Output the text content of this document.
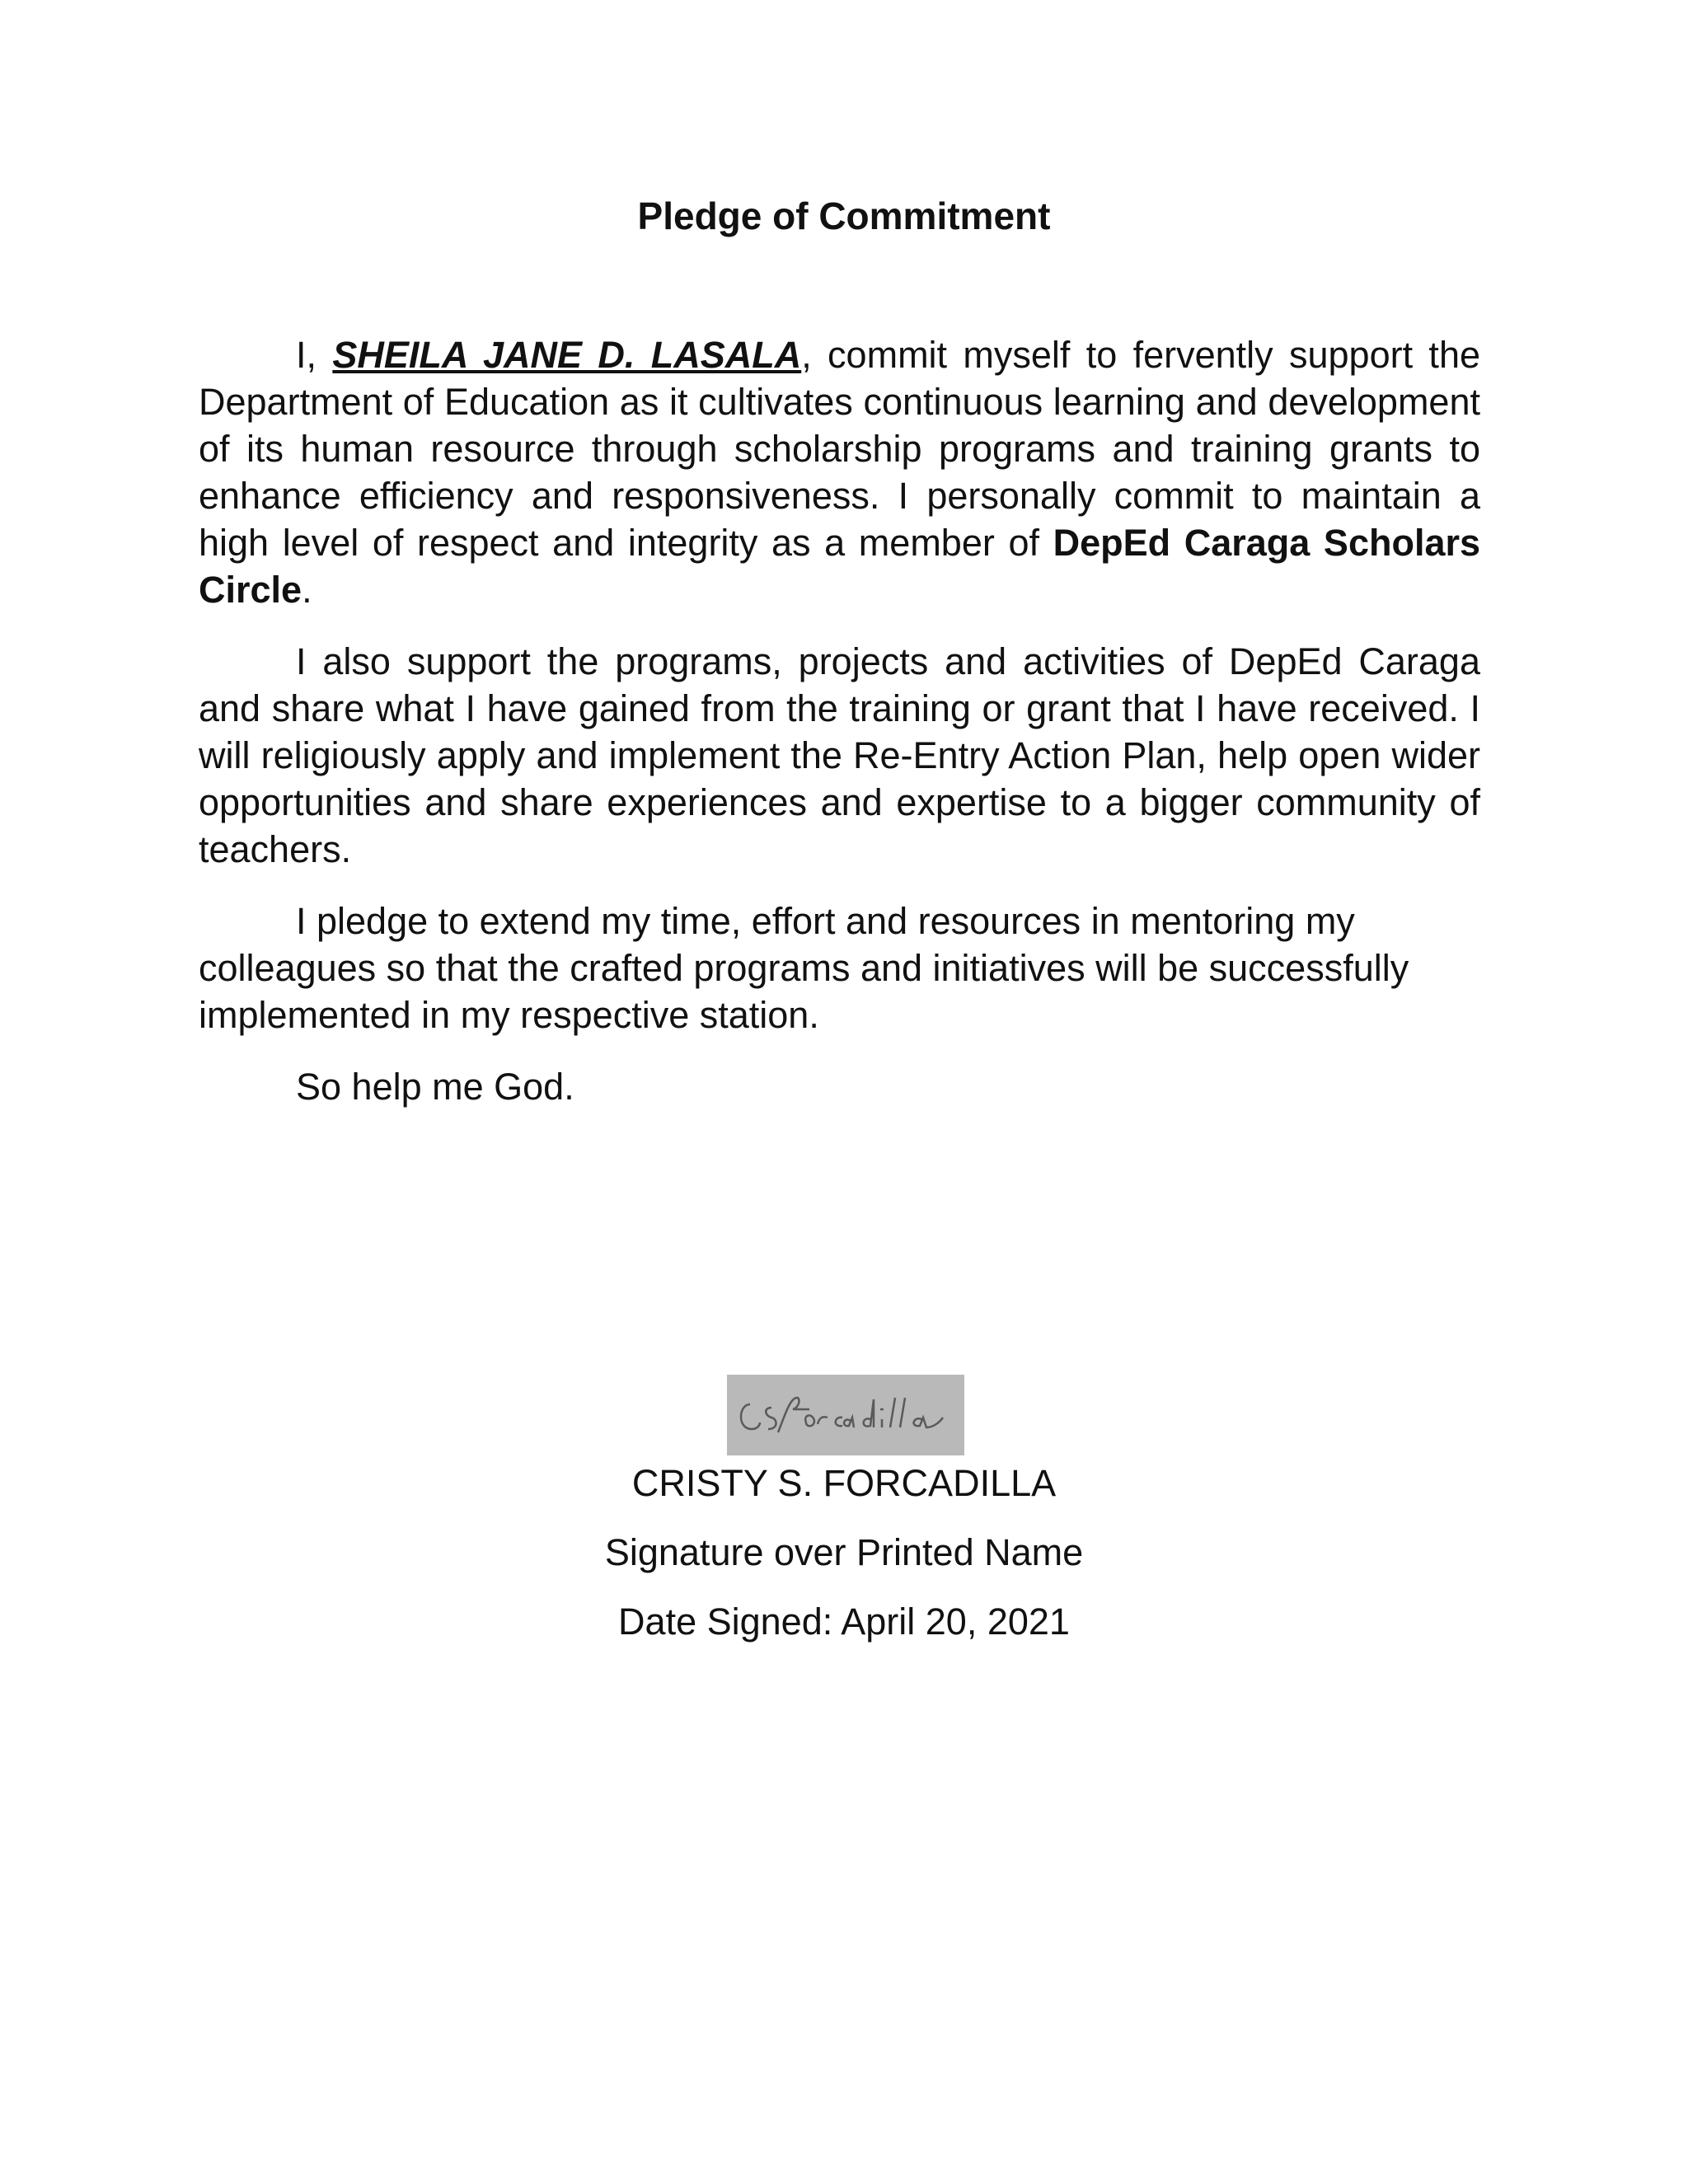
Pledge of Commitment

I, SHEILA JANE D. LASALA, commit myself to fervently support the Department of Education as it cultivates continuous learning and development of its human resource through scholarship programs and training grants to enhance efficiency and responsiveness. I personally commit to maintain a high level of respect and integrity as a member of DepEd Caraga Scholars Circle.

I also support the programs, projects and activities of DepEd Caraga and share what I have gained from the training or grant that I have received. I will religiously apply and implement the Re-Entry Action Plan, help open wider opportunities and share experiences and expertise to a bigger community of teachers.

I pledge to extend my time, effort and resources in mentoring my colleagues so that the crafted programs and initiatives will be successfully implemented in my respective station.

So help me God.

CRISTY S. FORCADILLA

Signature over Printed Name

Date Signed: April 20, 2021
